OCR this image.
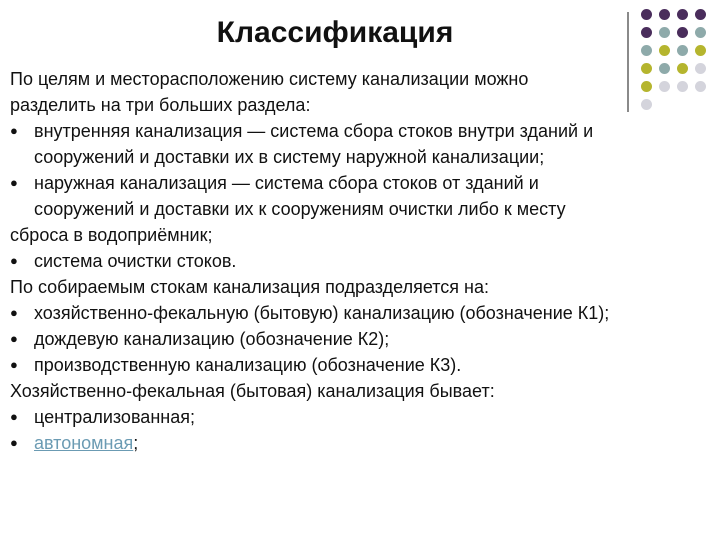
Классификация
По целям и месторасположению систему канализации можно
разделить на три больших раздела:
● внутренняя канализация — система сбора стоков внутри зданий и
сооружений и доставки их в систему наружной канализации;
● наружная канализация — система сбора стоков от зданий и
сооружений и доставки их к сооружениям очистки либо к месту
сброса в водоприёмник;
● система очистки стоков.
По собираемым стокам канализация подразделяется на:
● хозяйственно-фекальную (бытовую) канализацию (обозначение К1);
● дождевую канализацию (обозначение К2);
● производственную канализацию (обозначение К3).
Хозяйственно-фекальная (бытовая) канализация бывает:
● централизованная;
● автономная;
